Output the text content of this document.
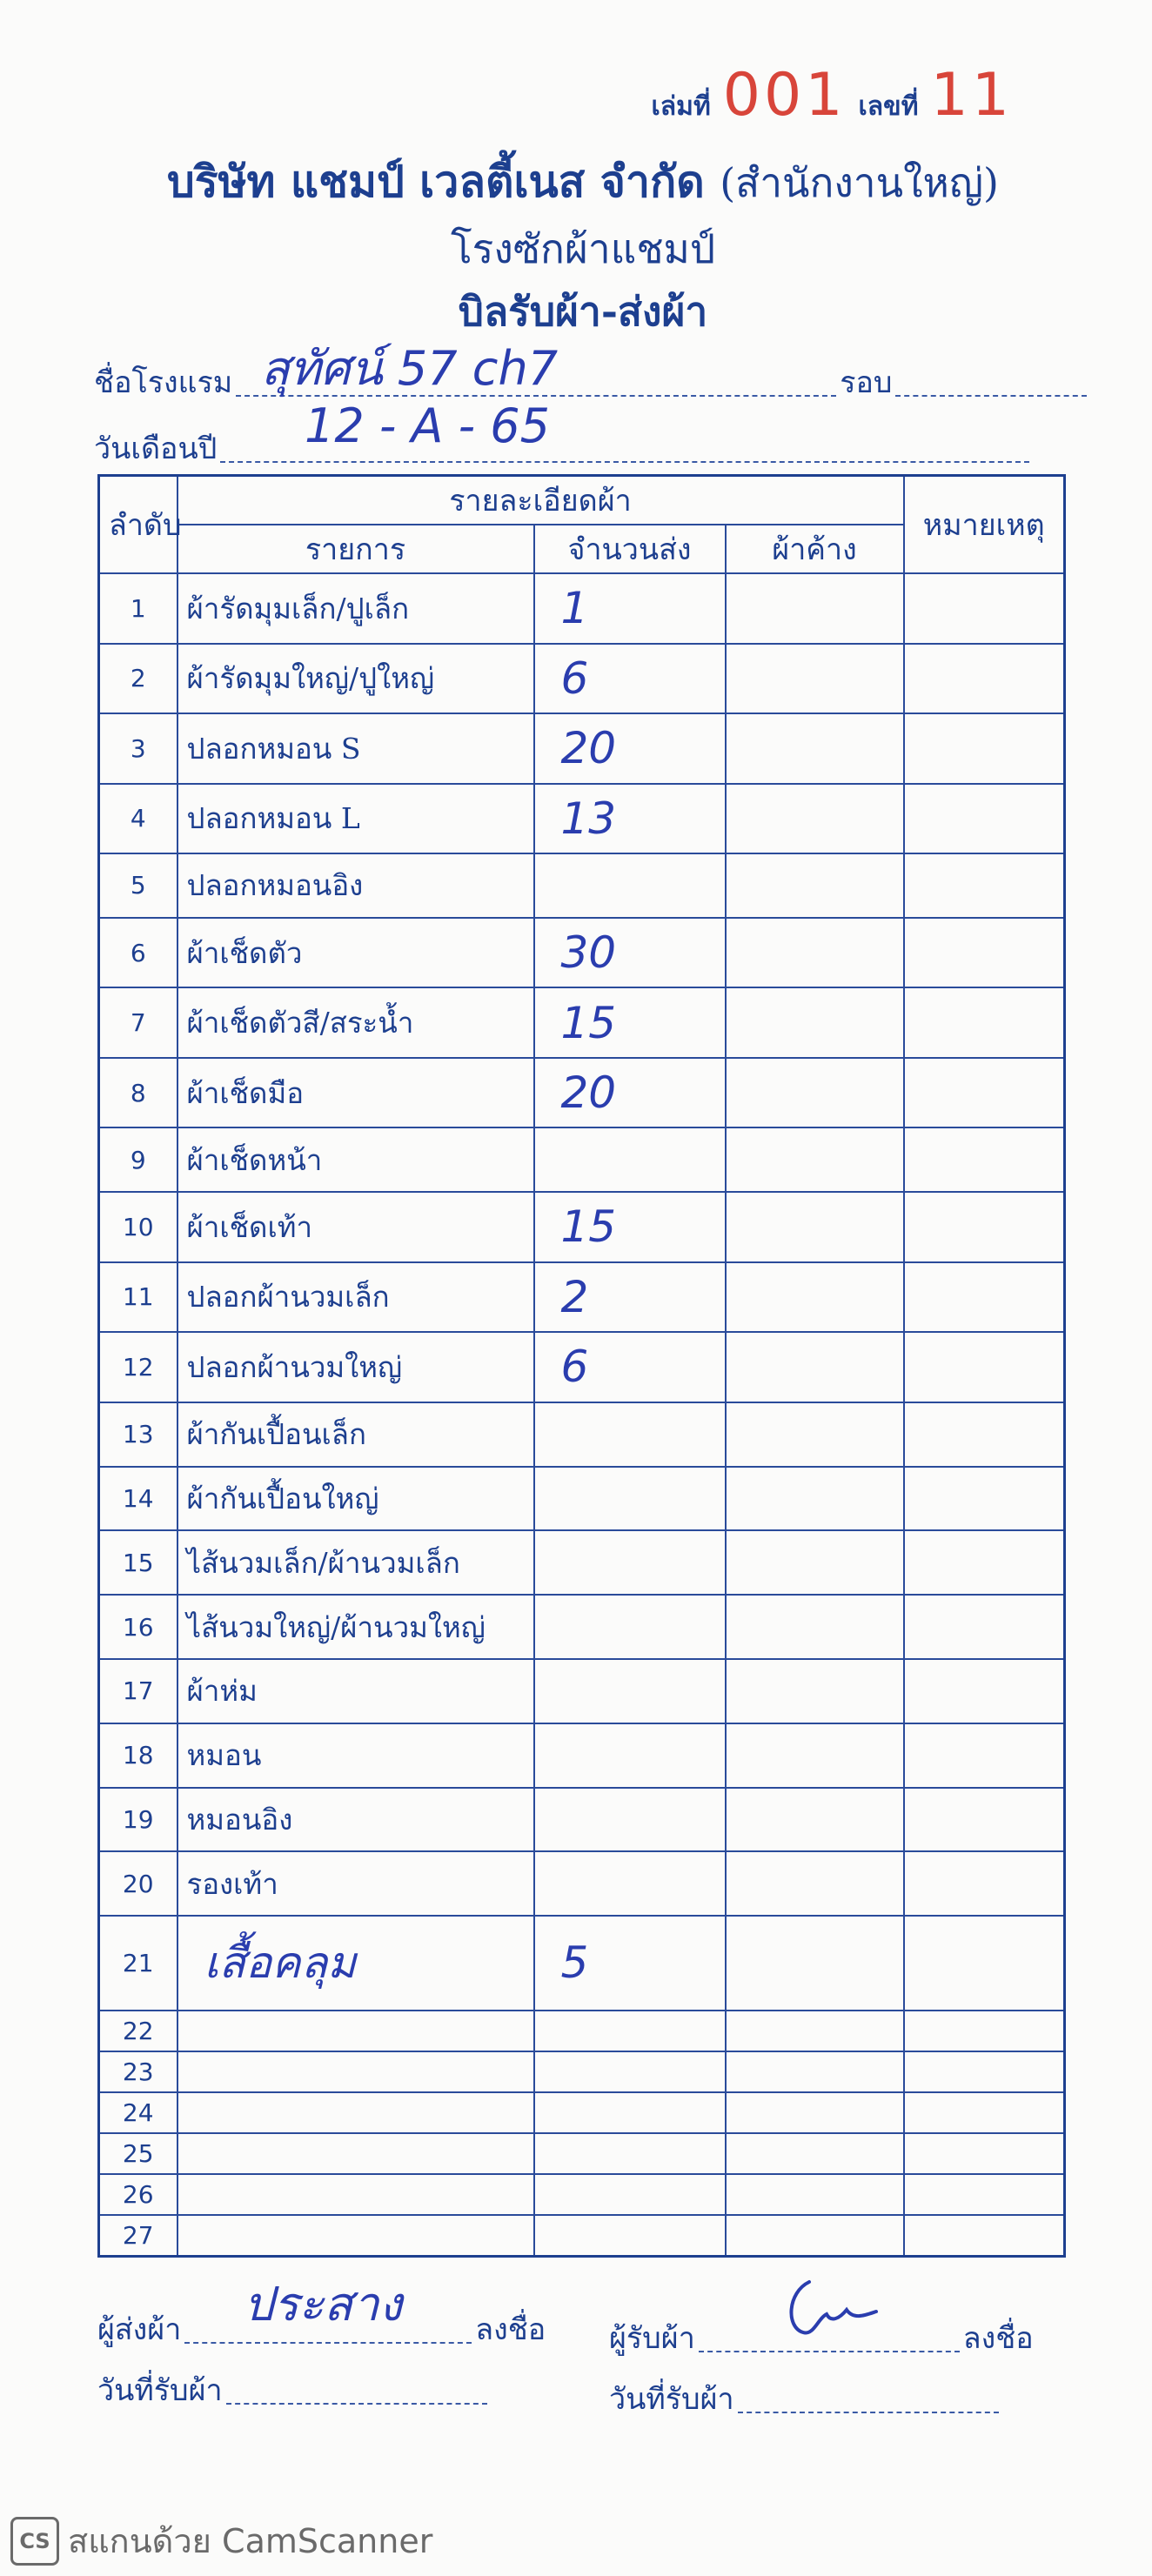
เล่มที่ 001 เลขที่ 11
บริษัท แชมป์ เวลตี้เนส จำกัด (สำนักงานใหญ่)
โรงซักผ้าแชมป์
บิลรับผ้า-ส่งผ้า
ชื่อโรงแรม	รอบ
สุทัศน์ 57 ch7
วันเดือนปี 12 - A - 65
ลำดับ	รายละเอียดผ้า			หมายเหตุ
	รายการ	จำนวนส่ง	ผ้าค้าง	
1	ผ้ารัดมุมเล็ก/ปูเล็ก	1		
2	ผ้ารัดมุมใหญ่/ปูใหญ่	6		
3	ปลอกหมอน S	20		
4	ปลอกหมอน L	13		
5	ปลอกหมอนอิง			
6	ผ้าเช็ดตัว	30		
7	ผ้าเช็ดตัวสี/สระน้ำ	15		
8	ผ้าเช็ดมือ	20		
9	ผ้าเช็ดหน้า			
10	ผ้าเช็ดเท้า	15		
11	ปลอกผ้านวมเล็ก	2		
12	ปลอกผ้านวมใหญ่	6		
13	ผ้ากันเปื้อนเล็ก			
14	ผ้ากันเปื้อนใหญ่			
15	ไส้นวมเล็ก/ผ้านวมเล็ก			
16	ไส้นวมใหญ่/ผ้านวมใหญ่			
17	ผ้าห่ม			
18	หมอน			
19	หมอนอิง			
20	รองเท้า			
21	เสื้อคลุม	5		
22				
23				
24				
25				
26				
27				
ผู้ส่งผ้า	ลงชื่อ
ประสาง
วันที่รับผ้า
ผู้รับผ้า	ลงชื่อ
วันที่รับผ้า
CS สแกนด้วย CamScanner
